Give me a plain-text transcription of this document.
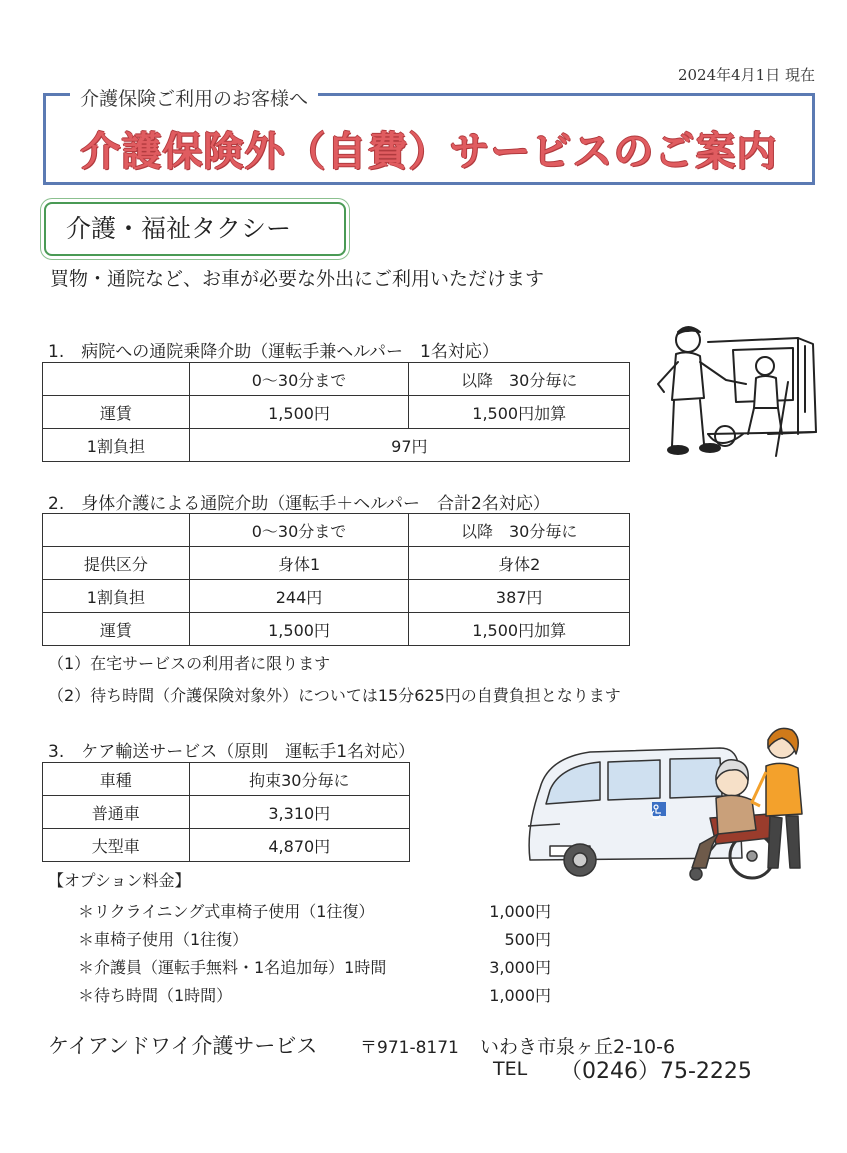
2024年4月1日 現在
介護保険ご利用のお客様へ
介護保険外（自費）サービスのご案内
介護・福祉タクシー
買物・通院など、お車が必要な外出にご利用いただけます
1.　病院への通院乗降介助（運転手兼ヘルパー　1名対応）
	0～30分まで	以降　30分毎に
運賃	1,500円	1,500円加算
1割負担	97円	
2.　身体介護による通院介助（運転手＋ヘルパー　合計2名対応）
	0～30分まで	以降　30分毎に
提供区分	身体1	身体2
1割負担	244円	387円
運賃	1,500円	1,500円加算
（1）在宅サービスの利用者に限ります
（2）待ち時間（介護保険対象外）については15分625円の自費負担となります
3.　ケア輸送サービス（原則　運転手1名対応）
車種	拘束30分毎に
普通車	3,310円
大型車	4,870円
【オプション料金】
＊リクライニング式車椅子使用（1往復）	1,000円
＊車椅子使用（1往復）	500円
＊介護員（運転手無料・1名追加毎）1時間	3,000円
＊待ち時間（1時間）	1,000円
ケイアンドワイ介護サービス	〒971-8171 いわき市泉ヶ丘2-10-6
TEL （0246）75-2225
